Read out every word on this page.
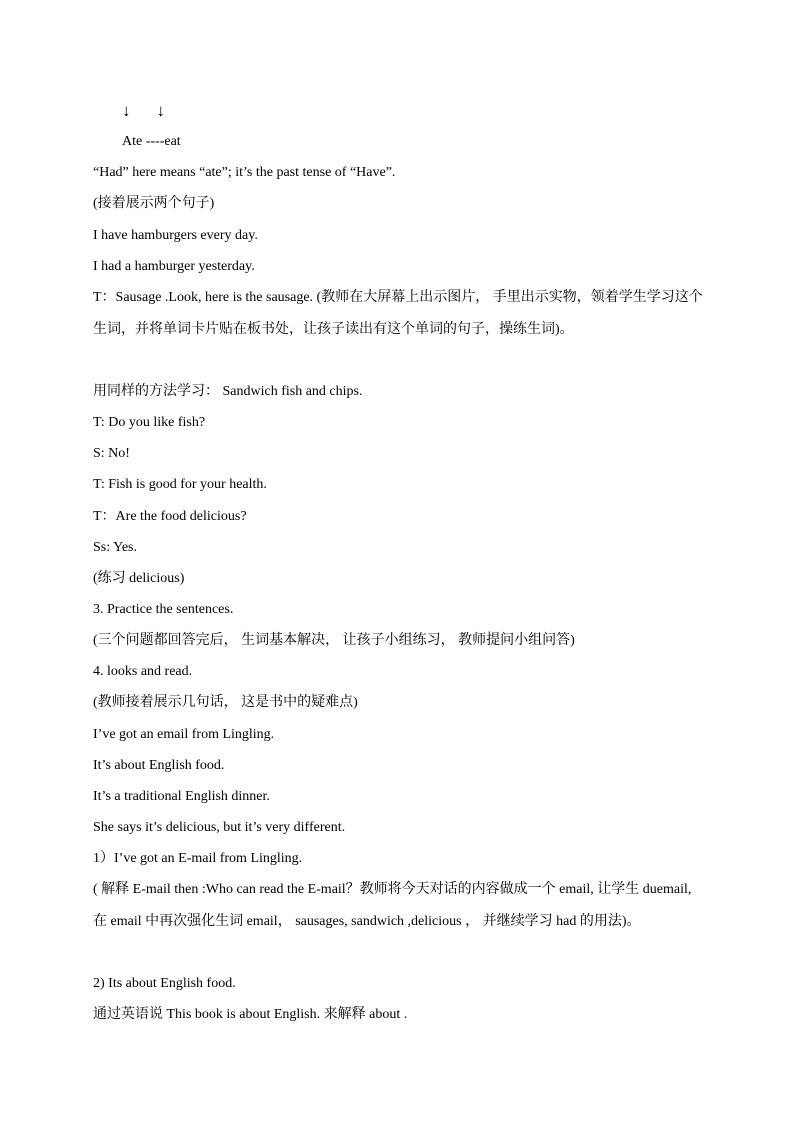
↓ ↓
Ate ----eat
“Had” here means “ate”; it’s the past tense of “Have”.
(接着展示两个句子)
I have hamburgers every day.
I had a hamburger yesterday.
T：Sausage .Look, here is the sausage. (教师在大屏幕上出示图片， 手里出示实物，领着学生学习这个生词，并将单词卡片贴在板书处，让孩子读出有这个单词的句子，操练生词)。
用同样的方法学习： Sandwich fish and chips.
T: Do you like fish?
S: No!
T: Fish is good for your health.
T：Are the food delicious?
Ss: Yes.
(练习 delicious)
3. Practice the sentences.
(三个问题都回答完后， 生词基本解决， 让孩子小组练习， 教师提问小组问答)
4. looks and read.
(教师接着展示几句话， 这是书中的疑难点)
I’ve got an email from Lingling.
It’s about English food.
It’s a traditional English dinner.
She says it’s delicious, but it’s very different.
1）I’ve got an E-mail from Lingling.
( 解释 E-mail then :Who can read the E-mail？教师将今天对话的内容做成一个 email, 让学生 duemail, 在 email 中再次强化生词 email， sausages, sandwich ,delicious ， 并继续学习 had 的用法)。
2) Its about English food.
通过英语说 This book is about English. 来解释 about .
